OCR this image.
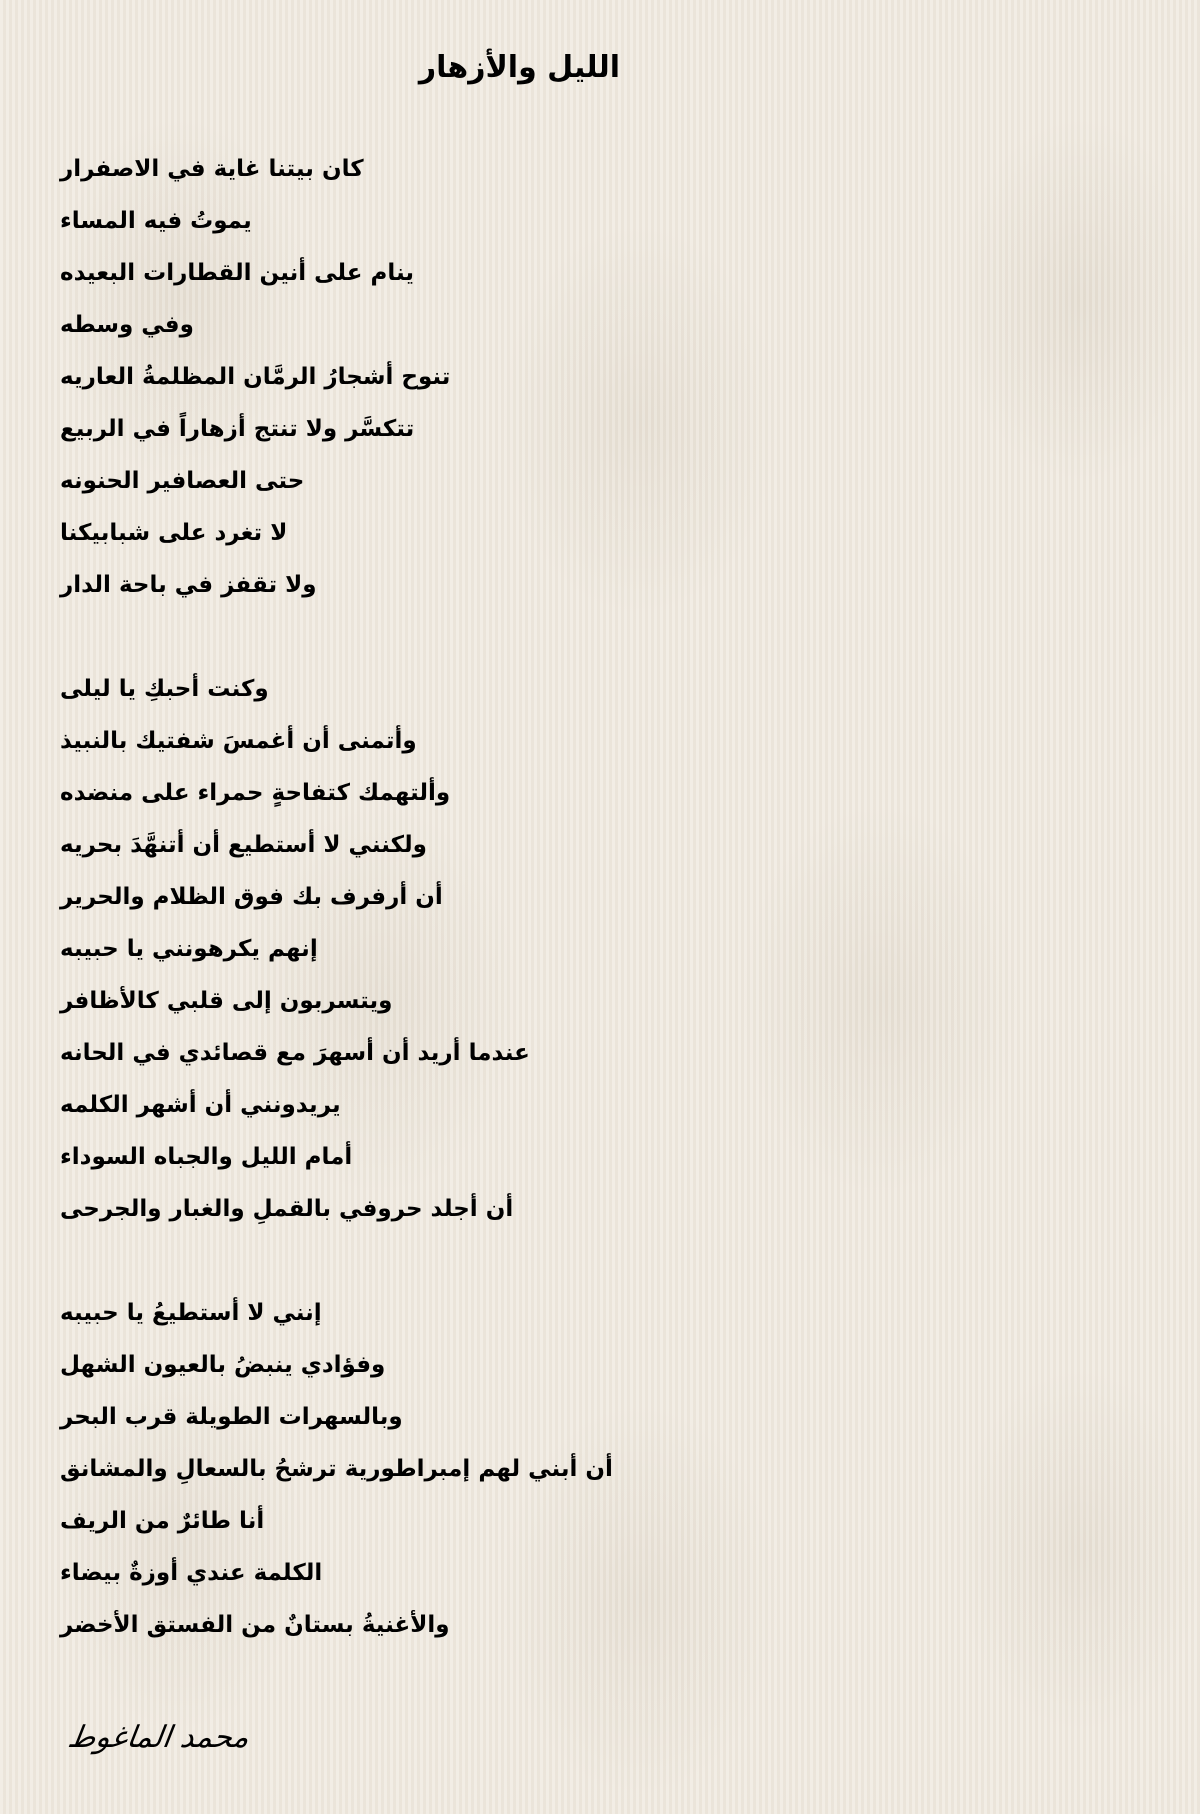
الليل والأزهار
كان بيتنا غاية في الاصفرار
يموتُ فيه المساء
ينام على أنين القطارات البعيده
وفي وسطه
تنوح أشجارُ الرمَّان المظلمةُ العاريه
تتكسَّر ولا تنتج أزهاراً في الربيع
حتى العصافير الحنونه
لا تغرد على شبابيكنا
ولا تقفز في باحة الدار
وكنت أحبكِ يا ليلى
وأتمنى أن أغمسَ شفتيك بالنبيذ
وألتهمك كتفاحةٍ حمراء على منضده
ولكنني لا أستطيع أن أتنهَّدَ بحريه
أن أرفرف بك فوق الظلام والحرير
إنهم يكرهونني يا حبيبه
ويتسربون إلى قلبي كالأظافر
عندما أريد أن أسهرَ مع قصائدي في الحانه
يريدونني أن أشهر الكلمه
أمام الليل والجباه السوداء
أن أجلد حروفي بالقملِ والغبار والجرحى
إنني لا أستطيعُ يا حبيبه
وفؤادي ينبضُ بالعيون الشهل
وبالسهرات الطويلة قرب البحر
أن أبني لهم إمبراطورية ترشحُ بالسعالِ والمشانق
أنا طائرٌ من الريف
الكلمة عندي أوزةٌ بيضاء
والأغنيةُ بستانٌ من الفستق الأخضر
محمد الماغوط
